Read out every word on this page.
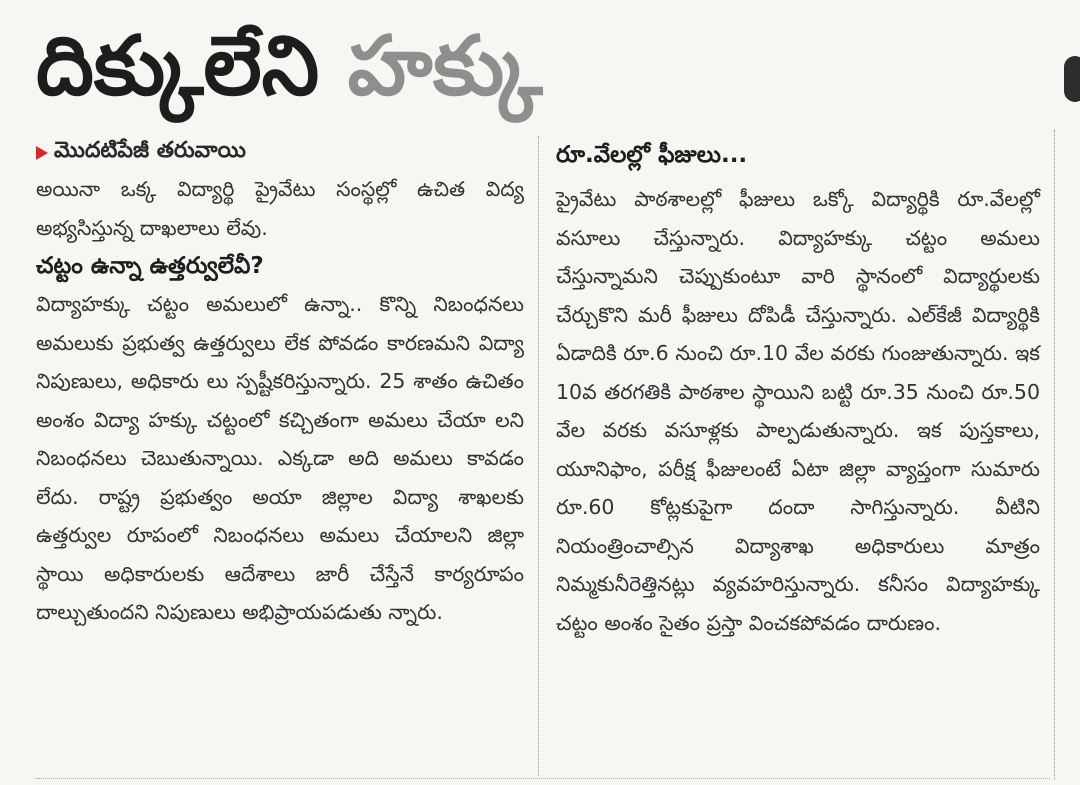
దిక్కులేని హక్కు
మొదటిపేజీ తరువాయి
అయినా ఒక్క విద్యార్థి ప్రైవేటు సంస్థల్లో ఉచిత విద్య అభ్యసిస్తున్న దాఖలాలు లేవు.
చట్టం ఉన్నా ఉత్తర్వులేవీ?
విద్యాహక్కు చట్టం అమలులో ఉన్నా.. కొన్ని నిబంధనలు అమలుకు ప్రభుత్వ ఉత్తర్వులు లేక పోవడం కారణమని విద్యా నిపుణులు, అధికారు లు స్పష్టీకరిస్తున్నారు. 25 శాతం ఉచితం అంశం విద్యా హక్కు చట్టంలో కచ్చితంగా అమలు చేయా లని నిబంధనలు చెబుతున్నాయి. ఎక్కడా అది అమలు కావడం లేదు. రాష్ట్ర ప్రభుత్వం అయా జిల్లాల విద్యా శాఖలకు ఉత్తర్వుల రూపంలో నిబంధనలు అమలు చేయాలని జిల్లా స్థాయి అధికారులకు ఆదేశాలు జారీ చేస్తేనే కార్యరూపం దాల్చుతుందని నిపుణులు అభిప్రాయపడుతు న్నారు.
రూ.వేలల్లో ఫీజులు...
ప్రైవేటు పాఠశాలల్లో ఫీజులు ఒక్కో విద్యార్థికి రూ.వేలల్లో వసూలు చేస్తున్నారు. విద్యాహక్కు చట్టం అమలు చేస్తున్నామని చెప్పుకుంటూ వారి స్థానంలో విద్యార్థులకు చేర్చుకొని మరీ ఫీజులు దోపిడీ చేస్తున్నారు. ఎల్‌కేజీ విద్యార్థికి ఏడాదికి రూ.6 నుంచి రూ.10 వేల వరకు గుంజుతున్నారు. ఇక 10వ తరగతికి పాఠశాల స్థాయిని బట్టి రూ.35 నుంచి రూ.50 వేల వరకు వసూళ్లకు పాల్పడుతున్నారు. ఇక పుస్తకాలు, యూనిఫాం, పరీక్ష ఫీజులంటే ఏటా జిల్లా వ్యాప్తంగా సుమారు రూ.60 కోట్లకుపైగా దందా సాగిస్తున్నారు. వీటిని నియంత్రించాల్సిన విద్యాశాఖ అధికారులు మాత్రం నిమ్మకునీరెత్తినట్లు వ్యవహరిస్తున్నారు. కనీసం విద్యాహక్కు చట్టం అంశం సైతం ప్రస్తా వించకపోవడం దారుణం.
